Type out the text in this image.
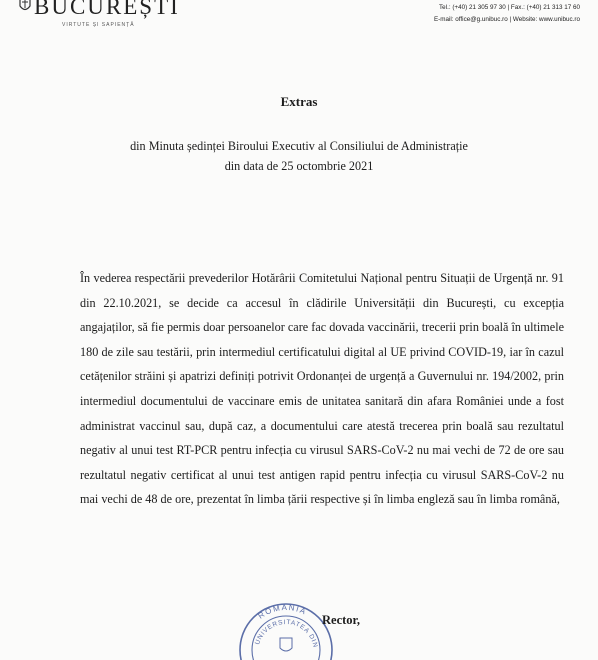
BUCUREȘTI
VIRTUTE ȘI SAPIENȚĂ
Tel.: (+40) 21 305 97 30 | Fax.: (+40) 21 313 17 60
E-mail: office@g.unibuc.ro | Website: www.unibuc.ro
Extras
din Minuta ședinței Biroului Executiv al Consiliului de Administrație
din data de 25 octombrie 2021
În vederea respectării prevederilor Hotărârii Comitetului Național pentru Situații de Urgență nr. 91 din 22.10.2021, se decide ca accesul în clădirile Universității din București, cu excepția angajaților, să fie permis doar persoanelor care fac dovada vaccinării, trecerii prin boală în ultimele 180 de zile sau testării, prin intermediul certificatului digital al UE privind COVID-19, iar în cazul cetățenilor străini și apatrizi definiți potrivit Ordonanței de urgență a Guvernului nr. 194/2002, prin intermediul documentului de vaccinare emis de unitatea sanitară din afara României unde a fost administrat vaccinul sau, după caz, a documentului care atestă trecerea prin boală sau rezultatul negativ al unui test RT-PCR pentru infecția cu virusul SARS-CoV-2 nu mai vechi de 72 de ore sau rezultatul negativ certificat al unui test antigen rapid pentru infecția cu virusul SARS-CoV-2 nu mai vechi de 48 de ore, prezentat în limba țării respective și în limba engleză sau în limba română,
ROMANIA
UNIVERSITATEA DIN
Rector,
